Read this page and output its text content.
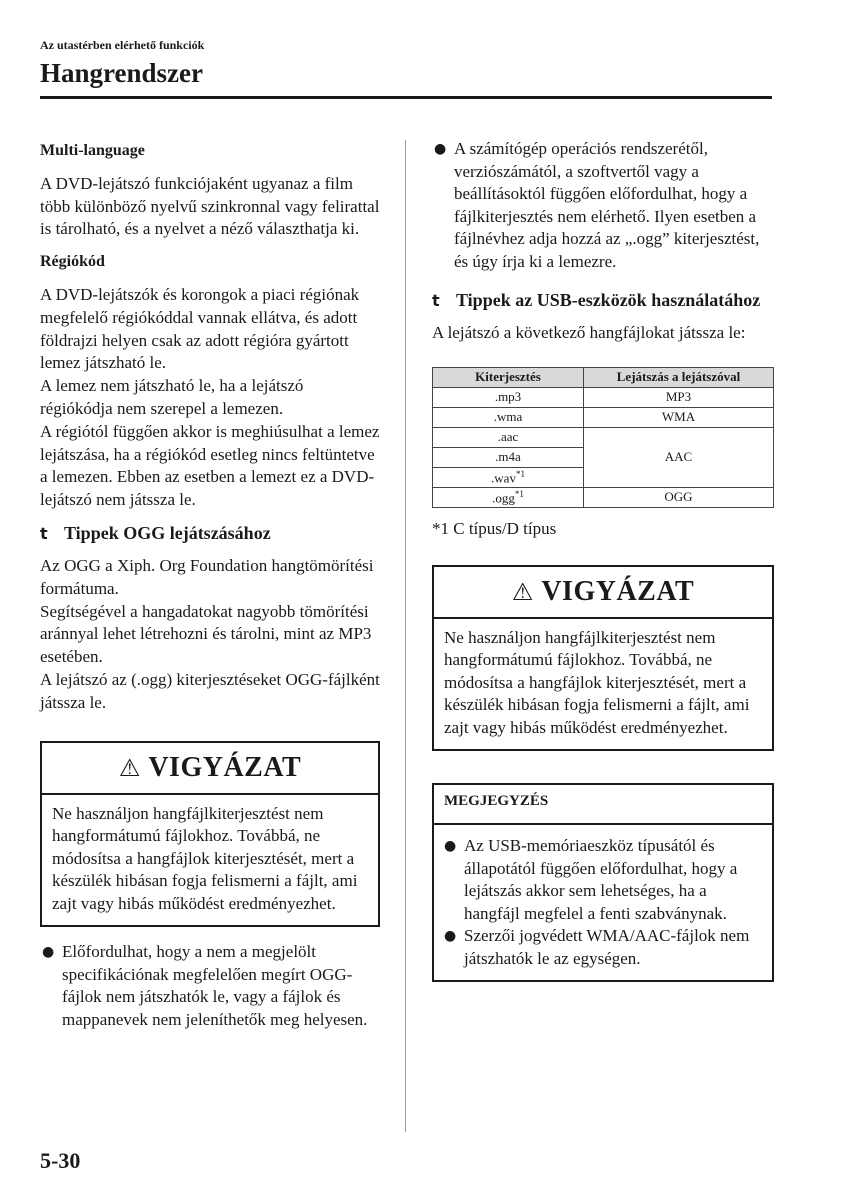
Az utastérben elérhető funkciók
Hangrendszer

Multi-language

A DVD-lejátszó funkciójaként ugyanaz a film több különböző nyelvű szinkronnal vagy felirattal is tárolható, és a nyelvet a néző választhatja ki.

Régiókód

A DVD-lejátszók és korongok a piaci régiónak megfelelő régiókóddal vannak ellátva, és adott földrajzi helyen csak az adott régióra gyártott lemez játszható le.

A lemez nem játszható le, ha a lejátszó régiókódja nem szerepel a lemezen.

A régiótól függően akkor is meghiúsulhat a lemez lejátszása, ha a régiókód esetleg nincs feltüntetve a lemezen. Ebben az esetben a lemezt ez a DVD-lejátszó nem játssza le.

t Tippek OGG lejátszásához

Az OGG a Xiph. Org Foundation hangtömörítési formátuma.

Segítségével a hangadatokat nagyobb tömörítési aránnyal lehet létrehozni és tárolni, mint az MP3 esetében.

A lejátszó az (.ogg) kiterjesztéseket OGG-fájlként játssza le.

⚠ VIGYÁZAT
Ne használjon hangfájlkiterjesztést nem hangformátumú fájlokhoz. Továbbá, ne módosítsa a hangfájlok kiterjesztését, mert a készülék hibásan fogja felismerni a fájlt, ami zajt vagy hibás működést eredményezhet.
● Előfordulhat, hogy a nem a megjelölt specifikációnak megfelelően megírt OGG-fájlok nem játszhatók le, vagy a fájlok és mappanevek nem jeleníthetők meg helyesen.
● A számítógép operációs rendszerétől, verziószámától, a szoftvertől vagy a beállításoktól függően előfordulhat, hogy a fájlkiterjesztés nem elérhető. Ilyen esetben a fájlnévhez adja hozzá az „.ogg” kiterjesztést, és úgy írja ki a lemezre.
t Tippek az USB-eszközök használatához

A lejátszó a következő hangfájlokat játssza le:

Kiterjesztés	Lejátszás a lejátszóval
.mp3	MP3
.wma	WMA
.aac	AAC
.m4a	
.wav$^{*1}$
.ogg$^{*1}$	OGG

*1 C típus/D típus

⚠ VIGYÁZAT
Ne használjon hangfájlkiterjesztést nem hangformátumú fájlokhoz. Továbbá, ne módosítsa a hangfájlok kiterjesztését, mert a készülék hibásan fogja felismerni a fájlt, ami zajt vagy hibás működést eredményezhet.
MEGJEGYZÉS
● Az USB-memóriaeszköz típusától és állapotától függően előfordulhat, hogy a lejátszás akkor sem lehetséges, ha a hangfájl megfelel a fenti szabványnak.
● Szerzői jogvédett WMA/AAC-fájlok nem játszhatók le az egységen.
5-30
